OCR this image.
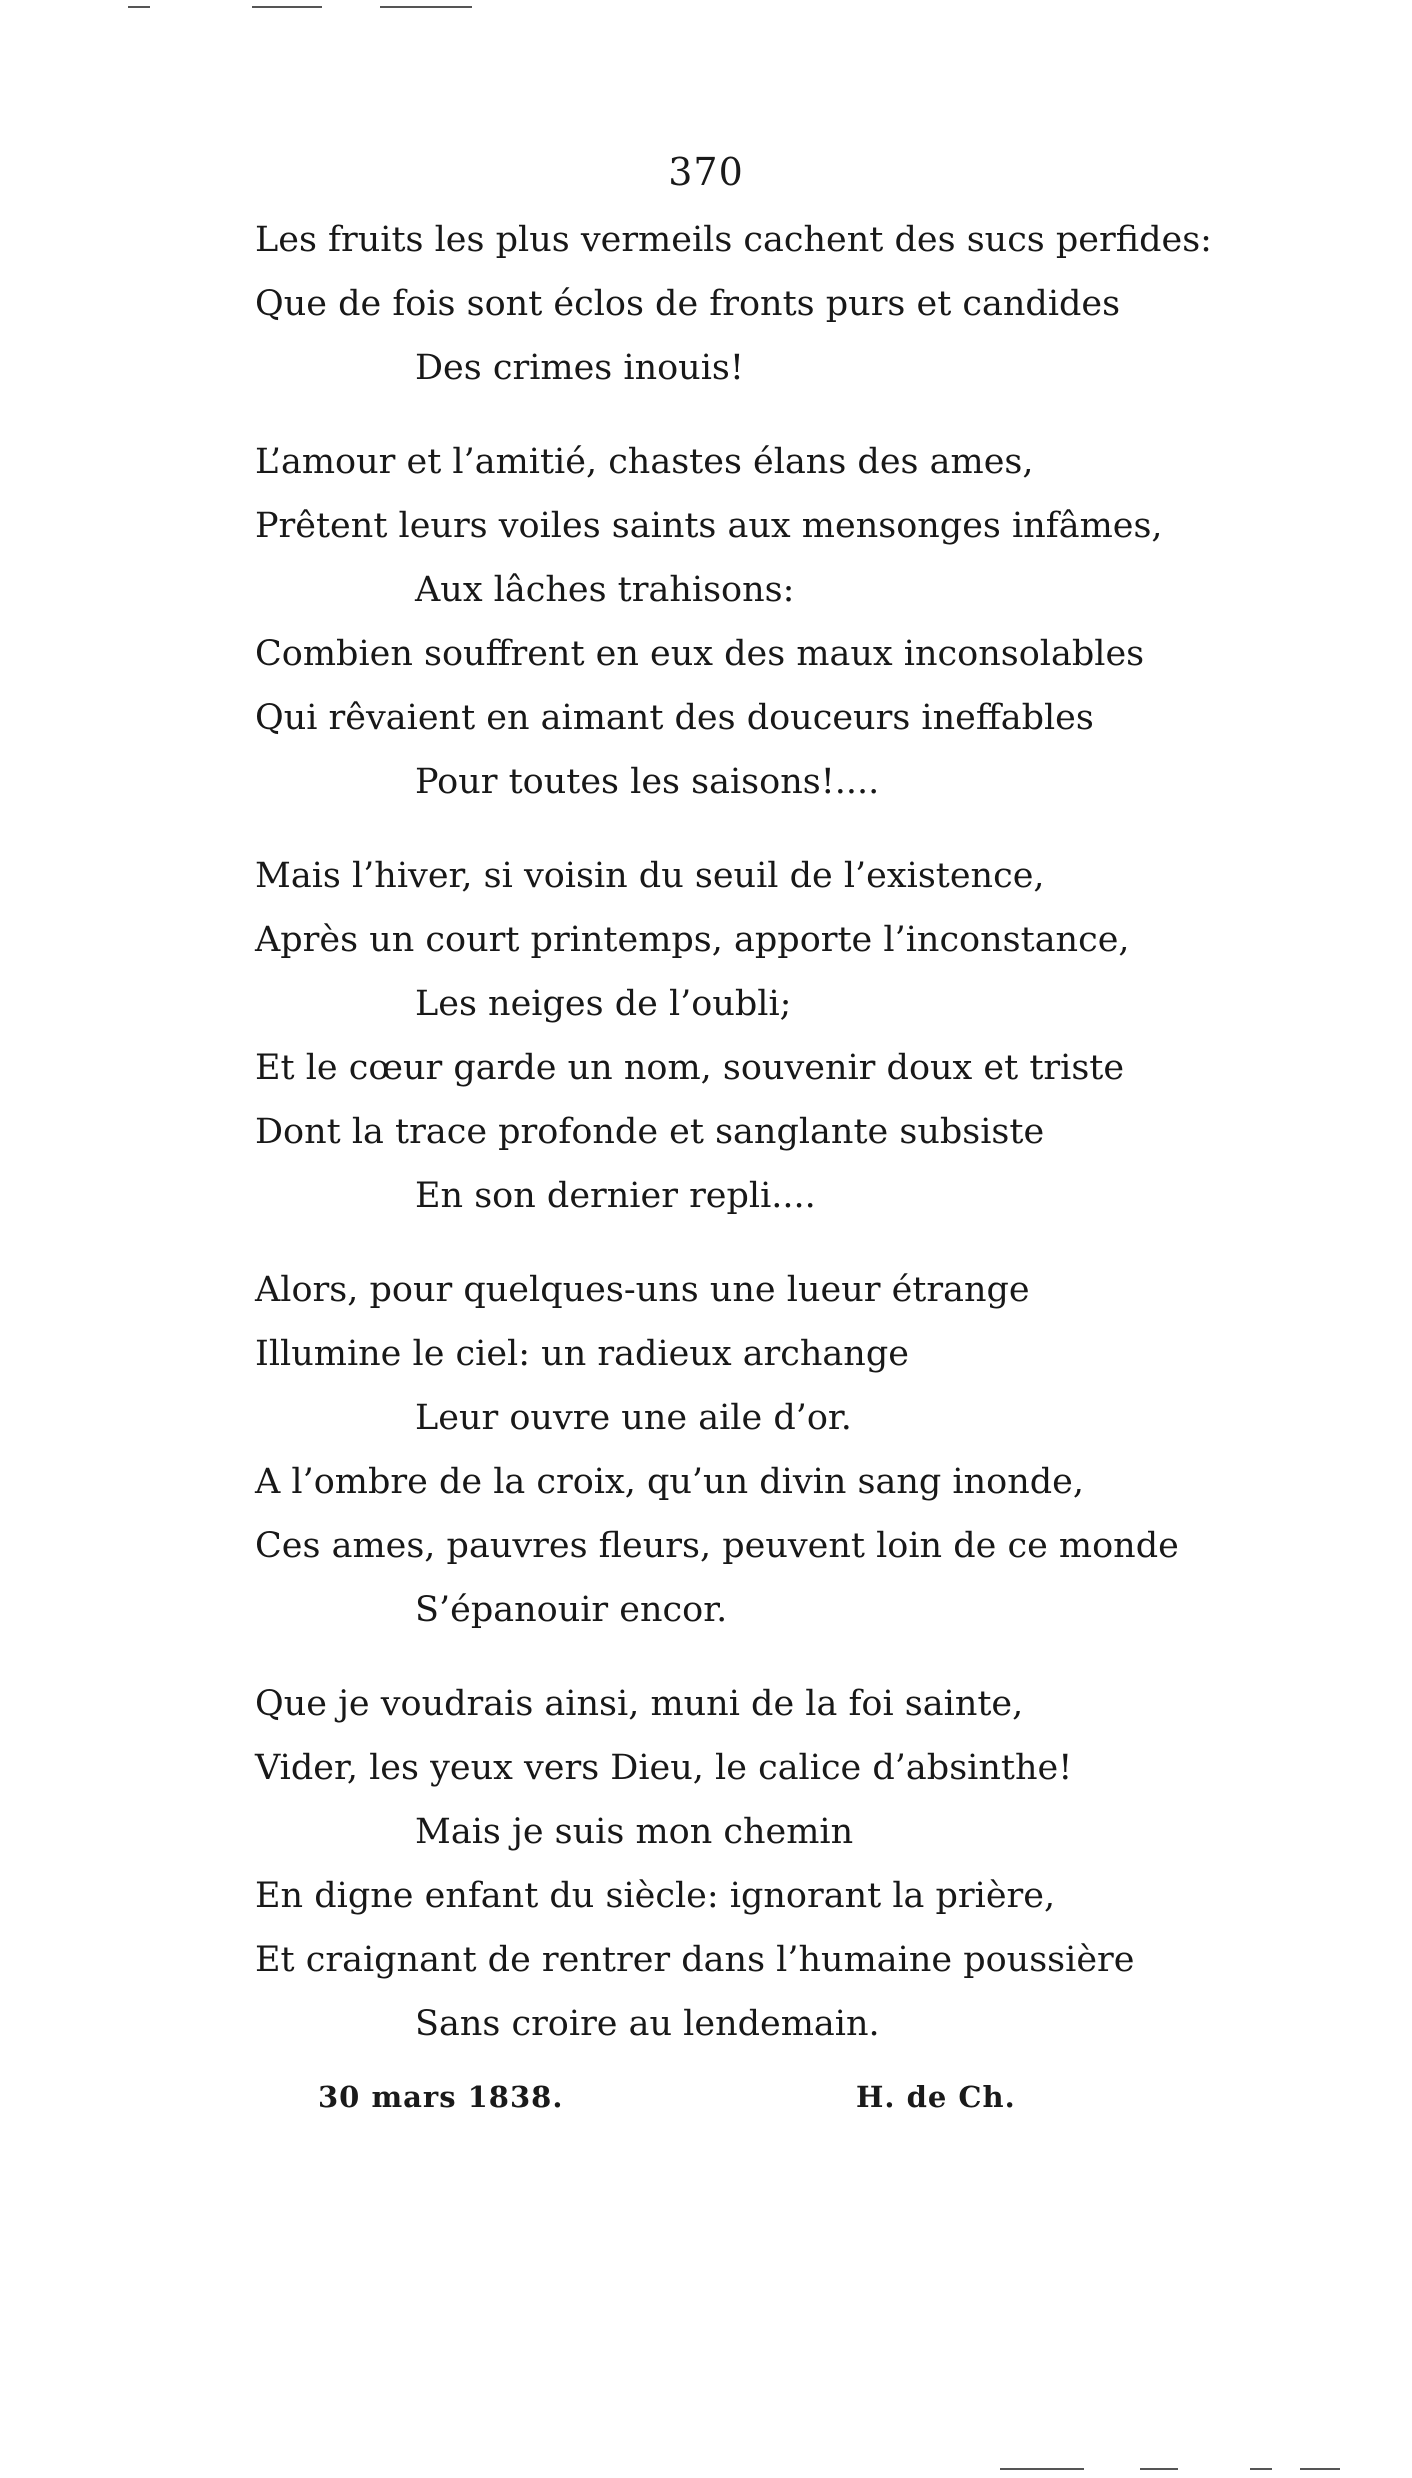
370
Les fruits les plus vermeils cachent des sucs perfides:
Que de fois sont éclos de fronts purs et candides
Des crimes inouis!
L’amour et l’amitié, chastes élans des ames,
Prêtent leurs voiles saints aux mensonges infâmes,
Aux lâches trahisons:
Combien souffrent en eux des maux inconsolables
Qui rêvaient en aimant des douceurs ineffables
Pour toutes les saisons!....
Mais l’hiver, si voisin du seuil de l’existence,
Après un court printemps, apporte l’inconstance,
Les neiges de l’oubli;
Et le cœur garde un nom, souvenir doux et triste
Dont la trace profonde et sanglante subsiste
En son dernier repli....
Alors, pour quelques-uns une lueur étrange
Illumine le ciel: un radieux archange
Leur ouvre une aile d’or.
A l’ombre de la croix, qu’un divin sang inonde,
Ces ames, pauvres fleurs, peuvent loin de ce monde
S’épanouir encor.
Que je voudrais ainsi, muni de la foi sainte,
Vider, les yeux vers Dieu, le calice d’absinthe!
Mais je suis mon chemin
En digne enfant du siècle: ignorant la prière,
Et craignant de rentrer dans l’humaine poussière
Sans croire au lendemain.
30 mars 1838.	H. de Ch.
